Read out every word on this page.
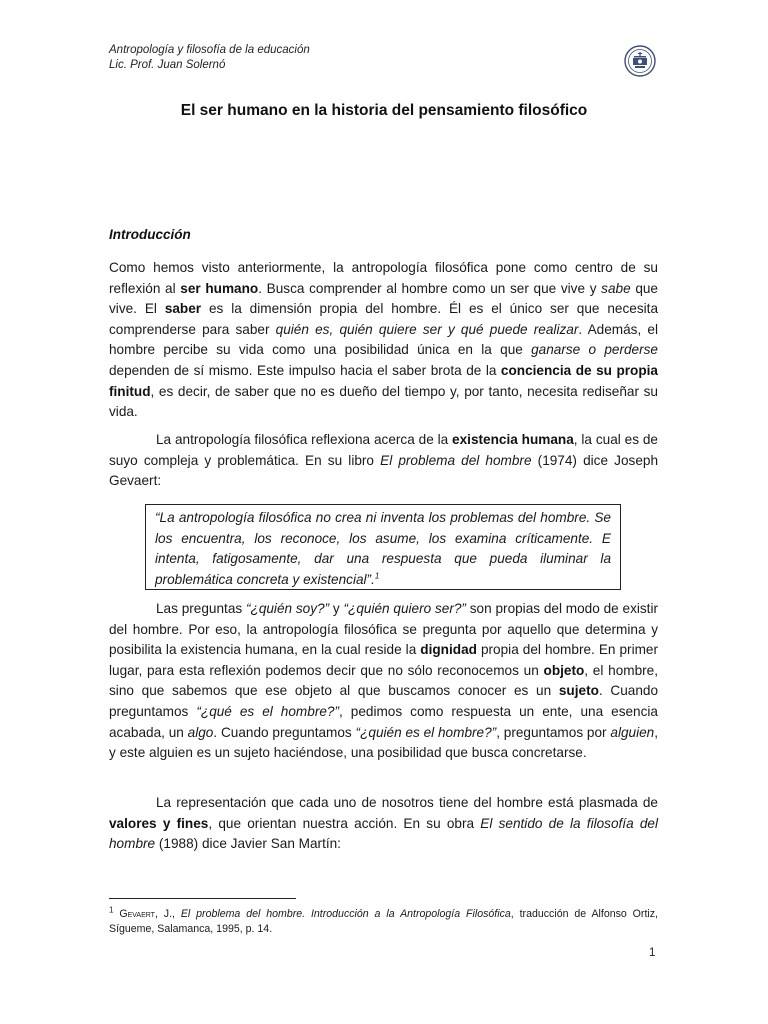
Antropología y filosofía de la educación
Lic. Prof. Juan Solernó
El ser humano en la historia del pensamiento filosófico
Introducción

Como hemos visto anteriormente, la antropología filosófica pone como centro de su reflexión al ser humano. Busca comprender al hombre como un ser que vive y sabe que vive. El saber es la dimensión propia del hombre. Él es el único ser que necesita comprenderse para saber quién es, quién quiere ser y qué puede realizar. Además, el hombre percibe su vida como una posibilidad única en la que ganarse o perderse dependen de sí mismo. Este impulso hacia el saber brota de la conciencia de su propia finitud, es decir, de saber que no es dueño del tiempo y, por tanto, necesita rediseñar su vida.

La antropología filosófica reflexiona acerca de la existencia humana, la cual es de suyo compleja y problemática. En su libro El problema del hombre (1974) dice Joseph Gevaert:

“La antropología filosófica no crea ni inventa los problemas del hombre. Se los encuentra, los reconoce, los asume, los examina críticamente. E intenta, fatigosamente, dar una respuesta que pueda iluminar la problemática concreta y existencial”.$^1$

Las preguntas “¿quién soy?” y “¿quién quiero ser?” son propias del modo de existir del hombre. Por eso, la antropología filosófica se pregunta por aquello que determina y posibilita la existencia humana, en la cual reside la dignidad propia del hombre. En primer lugar, para esta reflexión podemos decir que no sólo reconocemos un objeto, el hombre, sino que sabemos que ese objeto al que buscamos conocer es un sujeto. Cuando preguntamos “¿qué es el hombre?”, pedimos como respuesta un ente, una esencia acabada, un algo. Cuando preguntamos “¿quién es el hombre?”, preguntamos por alguien, y este alguien es un sujeto haciéndose, una posibilidad que busca concretarse.

La representación que cada uno de nosotros tiene del hombre está plasmada de valores y fines, que orientan nuestra acción. En su obra El sentido de la filosofía del hombre (1988) dice Javier San Martín:

$^1$ Gevaert, J., El problema del hombre. Introducción a la Antropología Filosófica, traducción de Alfonso Ortiz, Sígueme, Salamanca, 1995, p. 14.

1
